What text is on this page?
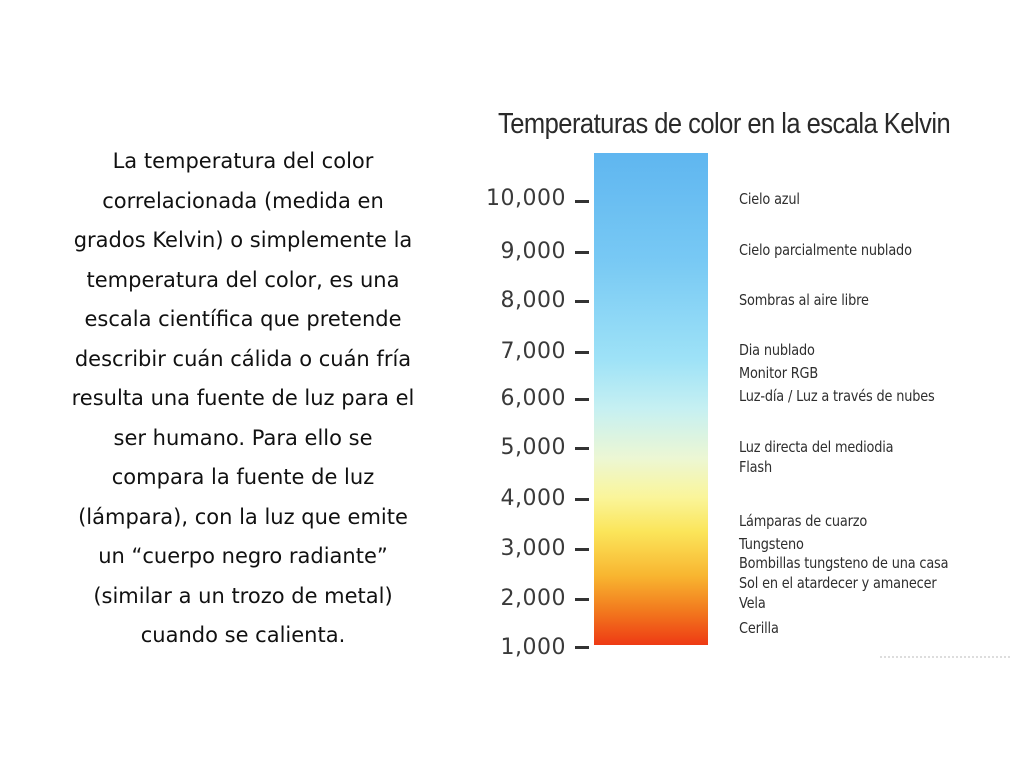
La temperatura del color
correlacionada (medida en
grados Kelvin) o simplemente la
temperatura del color, es una
escala científica que pretende
describir cuán cálida o cuán fría
resulta una fuente de luz para el
ser humano. Para ello se
compara la fuente de luz
(lámpara), con la luz que emite
un “cuerpo negro radiante”
(similar a un trozo de metal)
cuando se calienta.
Temperaturas de color en la escala Kelvin
10,000
9,000
8,000
7,000
6,000
5,000
4,000
3,000
2,000
1,000
Cielo azul
Cielo parcialmente nublado
Sombras al aire libre
Dia nublado
Monitor RGB
Luz-día / Luz a través de nubes
Luz directa del mediodia
Flash
Lámparas de cuarzo
Tungsteno
Bombillas tungsteno de una casa
Sol en el atardecer y amanecer
Vela
Cerilla
